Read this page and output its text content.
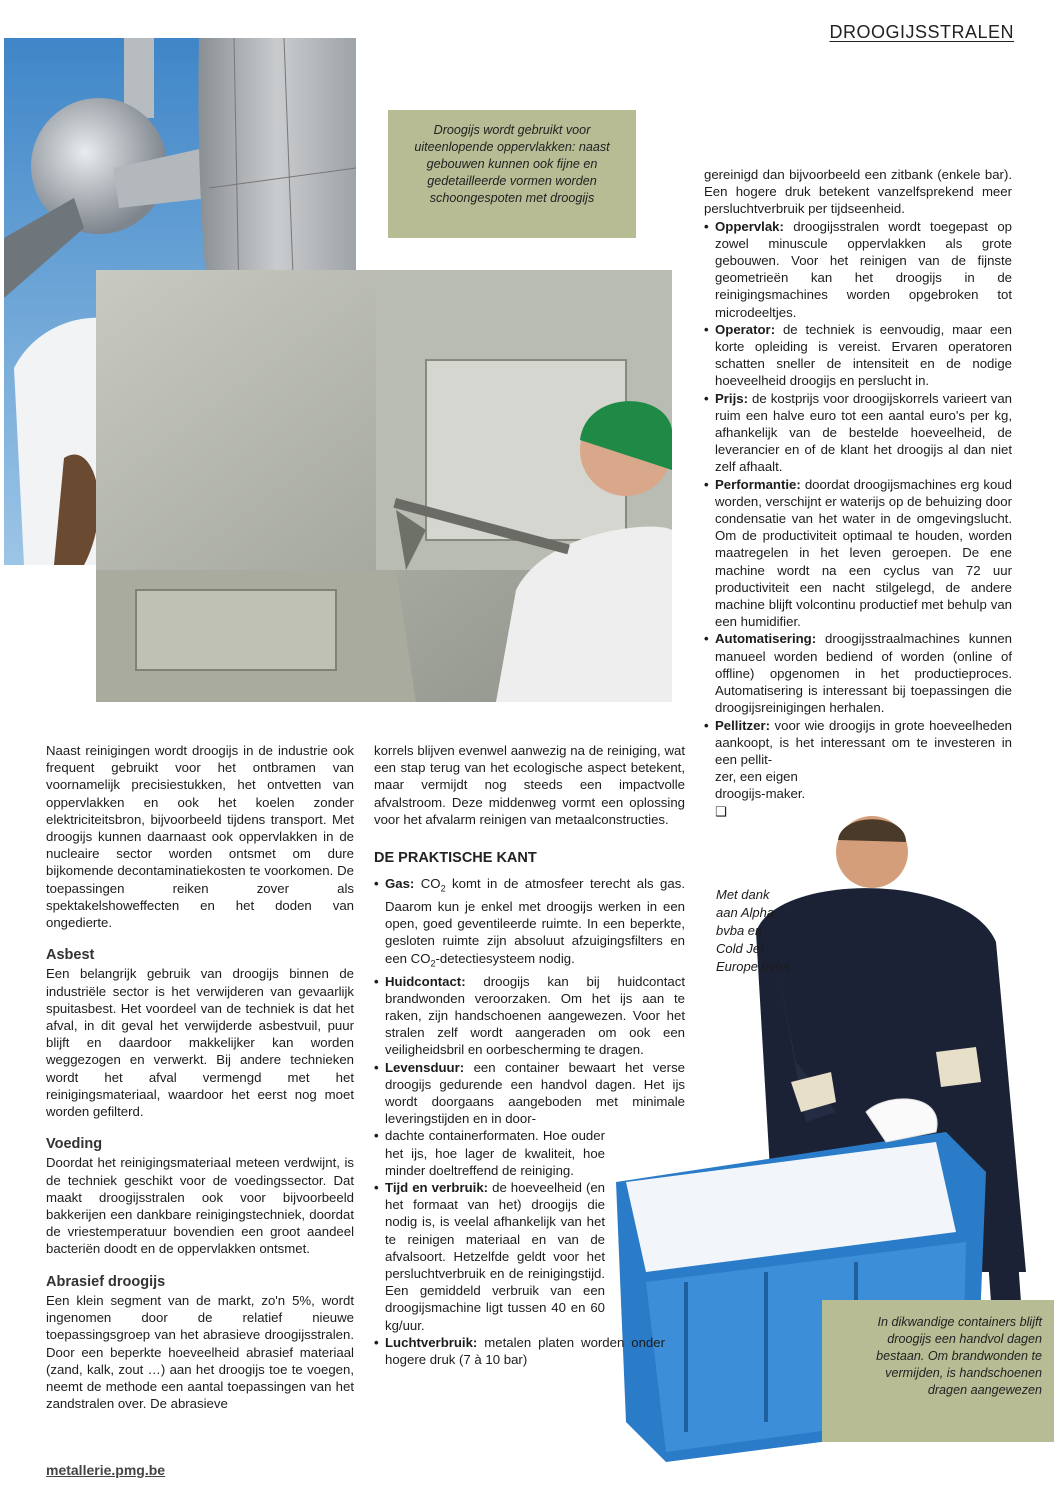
DROOGIJSSTRALEN
Droogijs wordt gebruikt voor uiteenlopende oppervlakken: naast gebouwen kunnen ook fijne en gedetailleerde vormen worden schoongespoten met droogijs
In dikwandige containers blijft droogijs een handvol dagen bestaan. Om brandwonden te vermijden, is handschoenen dragen aangewezen

Naast reinigingen wordt droogijs in de industrie ook frequent gebruikt voor het ontbramen van voornamelijk precisiestukken, het ontvetten van oppervlakken en ook het koelen zonder elektriciteitsbron, bijvoorbeeld tijdens transport. Met droogijs kunnen daarnaast ook oppervlakken in de nucleaire sector worden ontsmet om dure bijkomende decontaminatiekosten te voorkomen. De toepassingen reiken zover als spektakelshoweffecten en het doden van ongedierte.

Asbest

Een belangrijk gebruik van droogijs binnen de industriële sector is het verwijderen van gevaarlijk spuitasbest. Het voordeel van de techniek is dat het afval, in dit geval het verwijderde asbestvuil, puur blijft en daardoor makkelijker kan worden weggezogen en verwerkt. Bij andere technieken wordt het afval vermengd met het reinigingsmateriaal, waardoor het eerst nog moet worden gefilterd.

Voeding

Doordat het reinigingsmateriaal meteen verdwijnt, is de techniek geschikt voor de voedingssector. Dat maakt droogijsstralen ook voor bijvoorbeeld bakkerijen een dankbare reinigingstechniek, doordat de vriestemperatuur bovendien een groot aandeel bacteriën doodt en de oppervlakken ontsmet.

Abrasief droogijs

Een klein segment van de markt, zo'n 5%, wordt ingenomen door de relatief nieuwe toepassingsgroep van het abrasieve droogijsstralen. Door een beperkte hoeveelheid abrasief materiaal (zand, kalk, zout …) aan het droogijs toe te voegen, neemt de methode een aantal toepassingen van het zandstralen over. De abrasieve

korrels blijven evenwel aanwezig na de reiniging, wat een stap terug van het ecologische aspect betekent, maar vermijdt nog steeds een impactvolle afvalstroom. Deze middenweg vormt een oplossing voor het afvalarm reinigen van metaalconstructies.

DE PRAKTISCHE KANT

• Gas: $CO_2$ komt in de atmosfeer terecht als gas. Daarom kun je enkel met droogijs werken in een open, goed geventileerde ruimte. In een beperkte, gesloten ruimte zijn absoluut afzuigingsfilters en een $CO_2$-detectiesysteem nodig.

• Huidcontact: droogijs kan bij huidcontact brandwonden veroorzaken. Om het ijs aan te raken, zijn handschoenen aangewezen. Voor het stralen zelf wordt aangeraden om ook een veiligheidsbril en oorbescherming te dragen.

• Levensduur: een container bewaart het verse droogijs gedurende een handvol dagen. Het ijs wordt doorgaans aangeboden met minimale leveringstijden en in door-

• dachte containerformaten. Hoe ouder het ijs, hoe lager de kwaliteit, hoe minder doeltreffend de reiniging.

• Tijd en verbruik: de hoeveelheid (en het formaat van het) droogijs die nodig is, is veelal afhankelijk van het te reinigen materiaal en van de afvalsoort. Hetzelfde geldt voor het persluchtverbruik en de reinigingstijd. Een gemiddeld verbruik van een droogijsmachine ligt tussen 40 en 60 kg/uur.

• Luchtverbruik: metalen platen worden onder hogere druk (7 à 10 bar)

gereinigd dan bijvoorbeeld een zitbank (enkele bar). Een hogere druk betekent vanzelfsprekend meer persluchtverbruik per tijdseenheid.

• Oppervlak: droogijsstralen wordt toegepast op zowel minuscule oppervlakken als grote gebouwen. Voor het reinigen van de fijnste geometrieën kan het droogijs in de reinigingsmachines worden opgebroken tot microdeeltjes.

• Operator: de techniek is eenvoudig, maar een korte opleiding is vereist. Ervaren operatoren schatten sneller de intensiteit en de nodige hoeveelheid droogijs en perslucht in.

• Prijs: de kostprijs voor droogijskorrels varieert van ruim een halve euro tot een aantal euro's per kg, afhankelijk van de bestelde hoeveelheid, de leverancier en of de klant het droogijs al dan niet zelf afhaalt.

• Performantie: doordat droogijsmachines erg koud worden, verschijnt er waterijs op de behuizing door condensatie van het water in de omgevingslucht. Om de productiviteit optimaal te houden, worden maatregelen in het leven geroepen. De ene machine wordt na een cyclus van 72 uur productiviteit een nacht stilgelegd, de andere machine blijft volcontinu productief met behulp van een humidifier.

• Automatisering: droogijsstraalmachines kunnen manueel worden bediend of worden (online of offline) opgenomen in het productieproces. Automatisering is interessant bij toepassingen die droogijsreinigingen herhalen.

• Pellitzer: voor wie droogijs in grote hoeveelheden aankoopt, is het interessant om te investeren in een pellit-

zer, een eigen droogijs-maker. ❑

Met dank aan Alpha bvba en Cold Jet Europe bvba
metallerie.pmg.be
